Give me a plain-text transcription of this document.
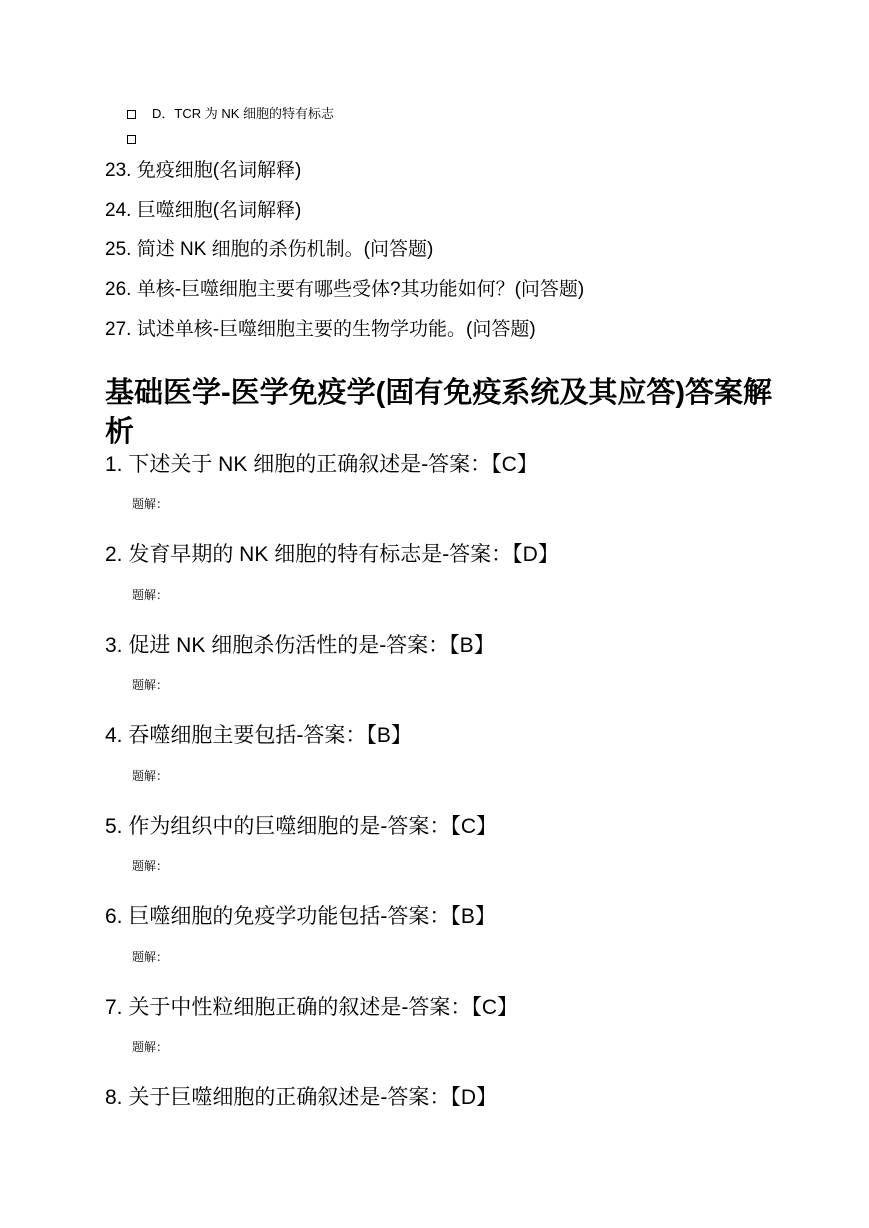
D．TCR 为 NK 细胞的特有标志
23. 免疫细胞(名词解释)
24. 巨噬细胞(名词解释)
25. 简述 NK 细胞的杀伤机制。(问答题)
26. 单核-巨噬细胞主要有哪些受体?其功能如何？(问答题)
27. 试述单核-巨噬细胞主要的生物学功能。(问答题)
基础医学-医学免疫学(固有免疫系统及其应答)答案解析
1. 下述关于 NK 细胞的正确叙述是-答案：【C】
题解：
2. 发育早期的 NK 细胞的特有标志是-答案：【D】
题解：
3. 促进 NK 细胞杀伤活性的是-答案：【B】
题解：
4. 吞噬细胞主要包括-答案：【B】
题解：
5. 作为组织中的巨噬细胞的是-答案：【C】
题解：
6. 巨噬细胞的免疫学功能包括-答案：【B】
题解：
7. 关于中性粒细胞正确的叙述是-答案：【C】
题解：
8. 关于巨噬细胞的正确叙述是-答案：【D】
